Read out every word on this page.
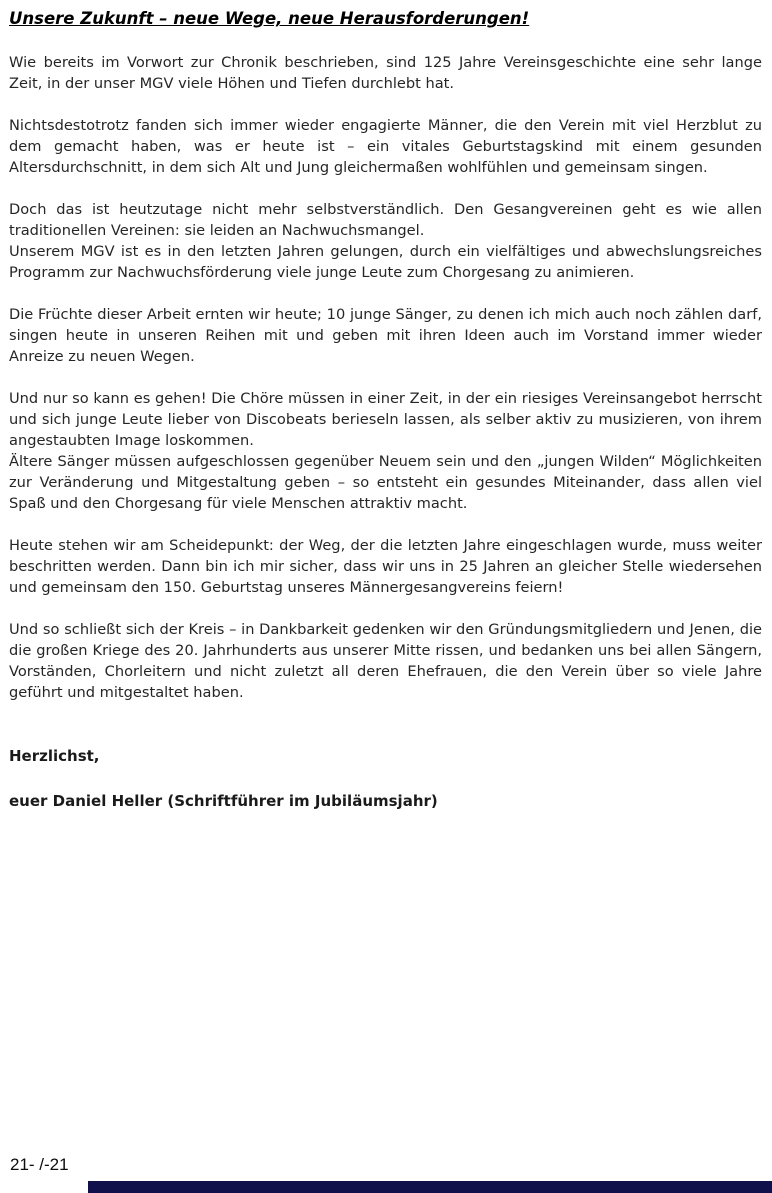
Unsere Zukunft – neue Wege, neue Herausforderungen!

Wie bereits im Vorwort zur Chronik beschrieben, sind 125 Jahre Vereinsgeschichte eine sehr lange Zeit, in der unser MGV viele Höhen und Tiefen durchlebt hat.

Nichtsdestotrotz fanden sich immer wieder engagierte Männer, die den Verein mit viel Herzblut zu dem gemacht haben, was er heute ist – ein vitales Geburtstagskind mit einem gesunden Altersdurchschnitt, in dem sich Alt und Jung gleichermaßen wohlfühlen und gemeinsam singen.

Doch das ist heutzutage nicht mehr selbstverständlich. Den Gesangvereinen geht es wie allen traditionellen Vereinen: sie leiden an Nachwuchsmangel.

Unserem MGV ist es in den letzten Jahren gelungen, durch ein vielfältiges und abwechslungsreiches Programm zur Nachwuchsförderung viele junge Leute zum Chorgesang zu animieren.

Die Früchte dieser Arbeit ernten wir heute; 10 junge Sänger, zu denen ich mich auch noch zählen darf, singen heute in unseren Reihen mit und geben mit ihren Ideen auch im Vorstand immer wieder Anreize zu neuen Wegen.

Und nur so kann es gehen! Die Chöre müssen in einer Zeit, in der ein riesiges Vereinsangebot herrscht und sich junge Leute lieber von Discobeats berieseln lassen, als selber aktiv zu musizieren, von ihrem angestaubten Image loskommen.

Ältere Sänger müssen aufgeschlossen gegenüber Neuem sein und den „jungen Wilden“ Möglichkeiten zur Veränderung und Mitgestaltung geben – so entsteht ein gesundes Miteinander, dass allen viel Spaß und den Chorgesang für viele Menschen attraktiv macht.

Heute stehen wir am Scheidepunkt: der Weg, der die letzten Jahre eingeschlagen wurde, muss weiter beschritten werden. Dann bin ich mir sicher, dass wir uns in 25 Jahren an gleicher Stelle wiedersehen und gemeinsam den 150. Geburtstag unseres Männergesangvereins feiern!

Und so schließt sich der Kreis – in Dankbarkeit gedenken wir den Gründungsmitgliedern und Jenen, die die großen Kriege des 20. Jahrhunderts aus unserer Mitte rissen, und bedanken uns bei allen Sängern, Vorständen, Chorleitern und nicht zuletzt all deren Ehefrauen, die den Verein über so viele Jahre geführt und mitgestaltet haben.

Herzlichst,

euer Daniel Heller (Schriftführer im Jubiläumsjahr)

21- /-21
